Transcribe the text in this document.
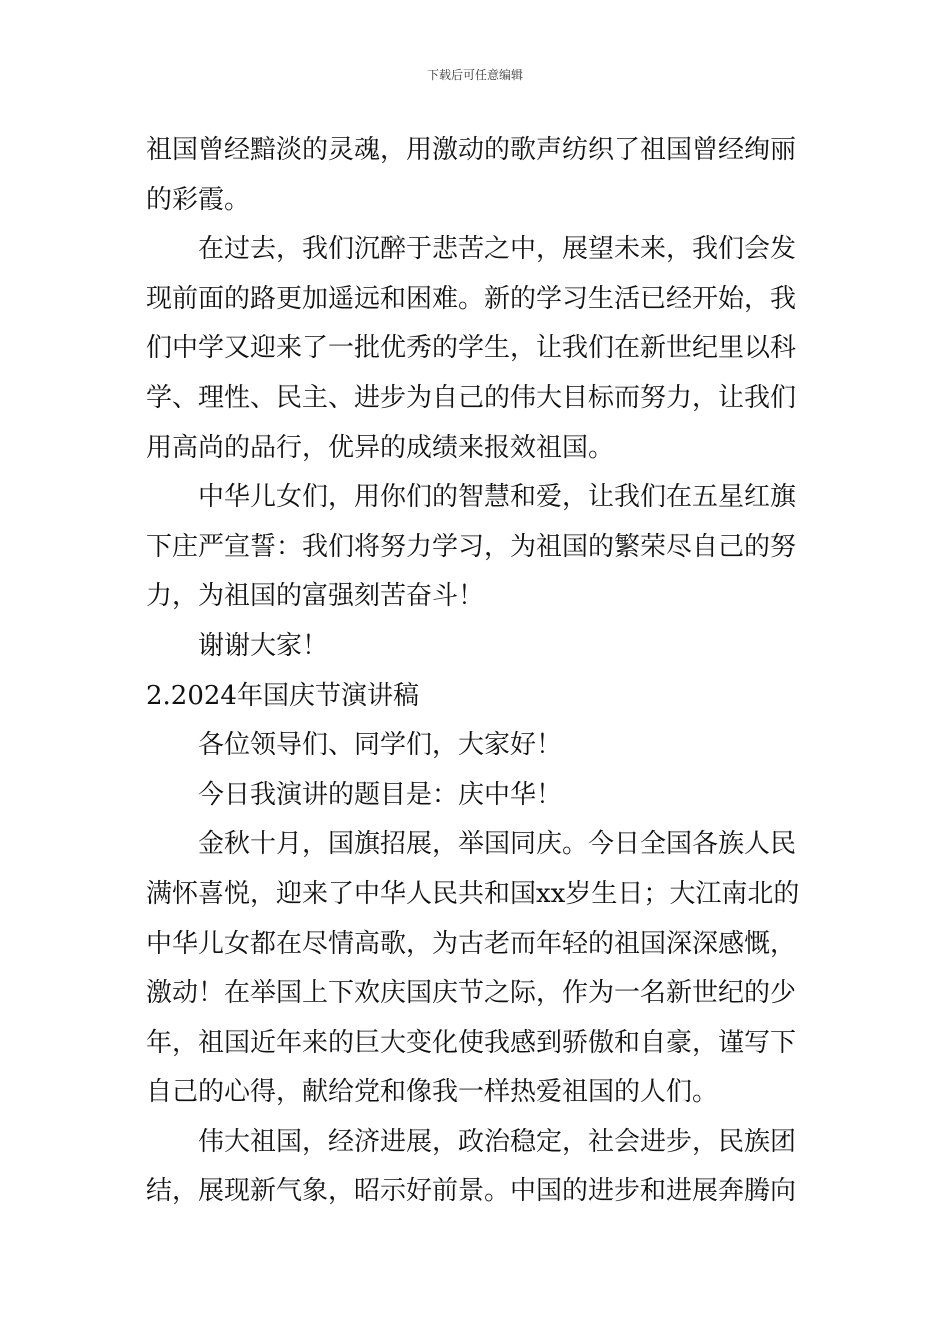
下载后可任意编辑
祖国曾经黯淡的灵魂，用激动的歌声纺织了祖国曾经绚丽
的彩霞。
在过去，我们沉醉于悲苦之中，展望未来，我们会发
现前面的路更加遥远和困难。新的学习生活已经开始，我
们中学又迎来了一批优秀的学生，让我们在新世纪里以科
学、理性、民主、进步为自己的伟大目标而努力，让我们
用高尚的品行，优异的成绩来报效祖国。
中华儿女们，用你们的智慧和爱，让我们在五星红旗
下庄严宣誓：我们将努力学习，为祖国的繁荣尽自己的努
力，为祖国的富强刻苦奋斗！
谢谢大家！
2.2024年国庆节演讲稿
各位领导们、同学们，大家好！
今日我演讲的题目是：庆中华！
金秋十月，国旗招展，举国同庆。今日全国各族人民
满怀喜悦，迎来了中华人民共和国xx岁生日；大江南北的
中华儿女都在尽情高歌，为古老而年轻的祖国深深感慨，
激动！在举国上下欢庆国庆节之际，作为一名新世纪的少
年，祖国近年来的巨大变化使我感到骄傲和自豪，谨写下
自己的心得，献给党和像我一样热爱祖国的人们。
伟大祖国，经济进展，政治稳定，社会进步，民族团
结，展现新气象，昭示好前景。中国的进步和进展奔腾向
